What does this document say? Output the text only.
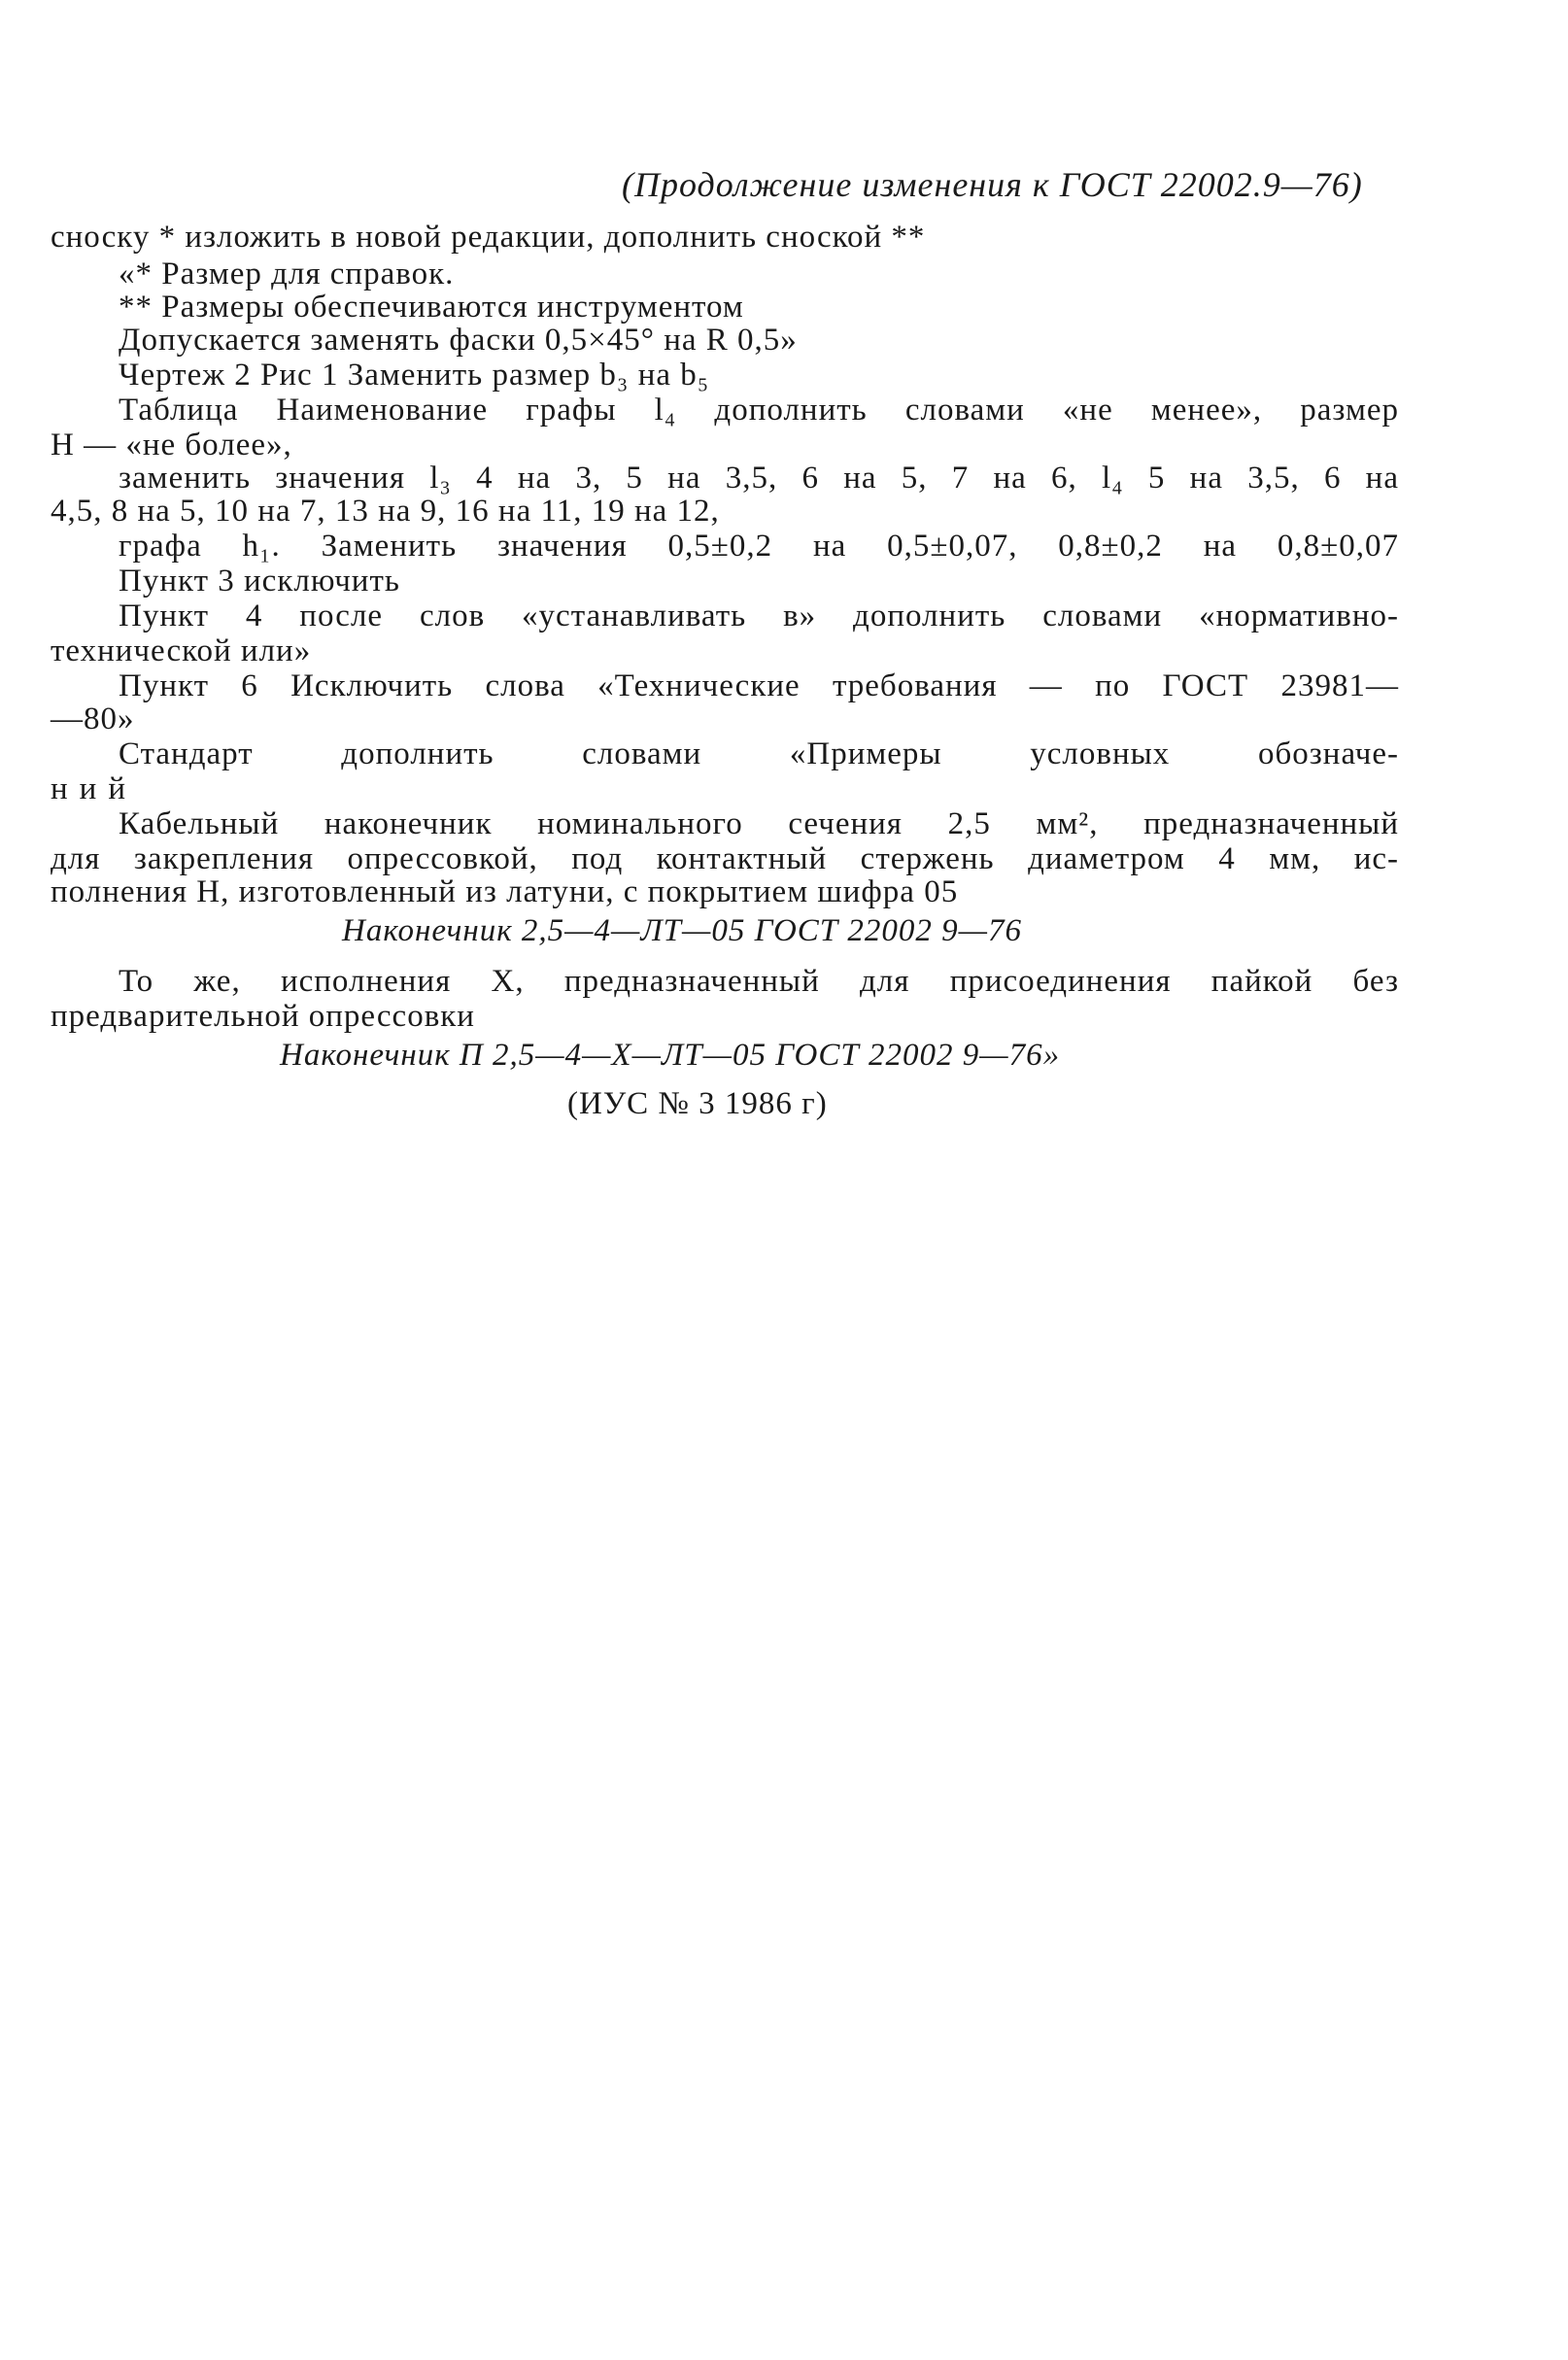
(Продолжение изменения к ГОСТ 22002.9—76)
сноску * изложить в новой редакции, дополнить сноской **
«* Размер для справок.
** Размеры обеспечиваются инструментом
Допускается заменять фаски 0,5×45° на R 0,5»
Чертеж 2 Рис 1 Заменить размер b₃ на b₅
Таблица Наименование графы l₄ дополнить словами «не менее», размер
Н — «не более»,
заменить значения l₃ 4 на 3, 5 на 3,5, 6 на 5, 7 на 6, l₄ 5 на 3,5, 6 на
4,5, 8 на 5, 10 на 7, 13 на 9, 16 на 11, 19 на 12,
графа h₁. Заменить значения 0,5±0,2 на 0,5±0,07, 0,8±0,2 на 0,8±0,07
Пункт 3 исключить
Пункт 4 после слов «устанавливать в» дополнить словами «нормативно-
технической или»
Пункт 6 Исключить слова «Технические требования — по ГОСТ 23981—
—80»
Стандарт дополнить словами «Примеры условных обозначе-
ний
Кабельный наконечник номинального сечения 2,5 мм², предназначенный
для закрепления опрессовкой, под контактный стержень диаметром 4 мм, ис-
полнения Н, изготовленный из латуни, с покрытием шифра 05
Наконечник 2,5—4—ЛТ—05 ГОСТ 22002 9—76
То же, исполнения Х, предназначенный для присоединения пайкой без
предварительной опрессовки
Наконечник П 2,5—4—Х—ЛТ—05 ГОСТ 22002 9—76»
(ИУС № 3 1986 г)
